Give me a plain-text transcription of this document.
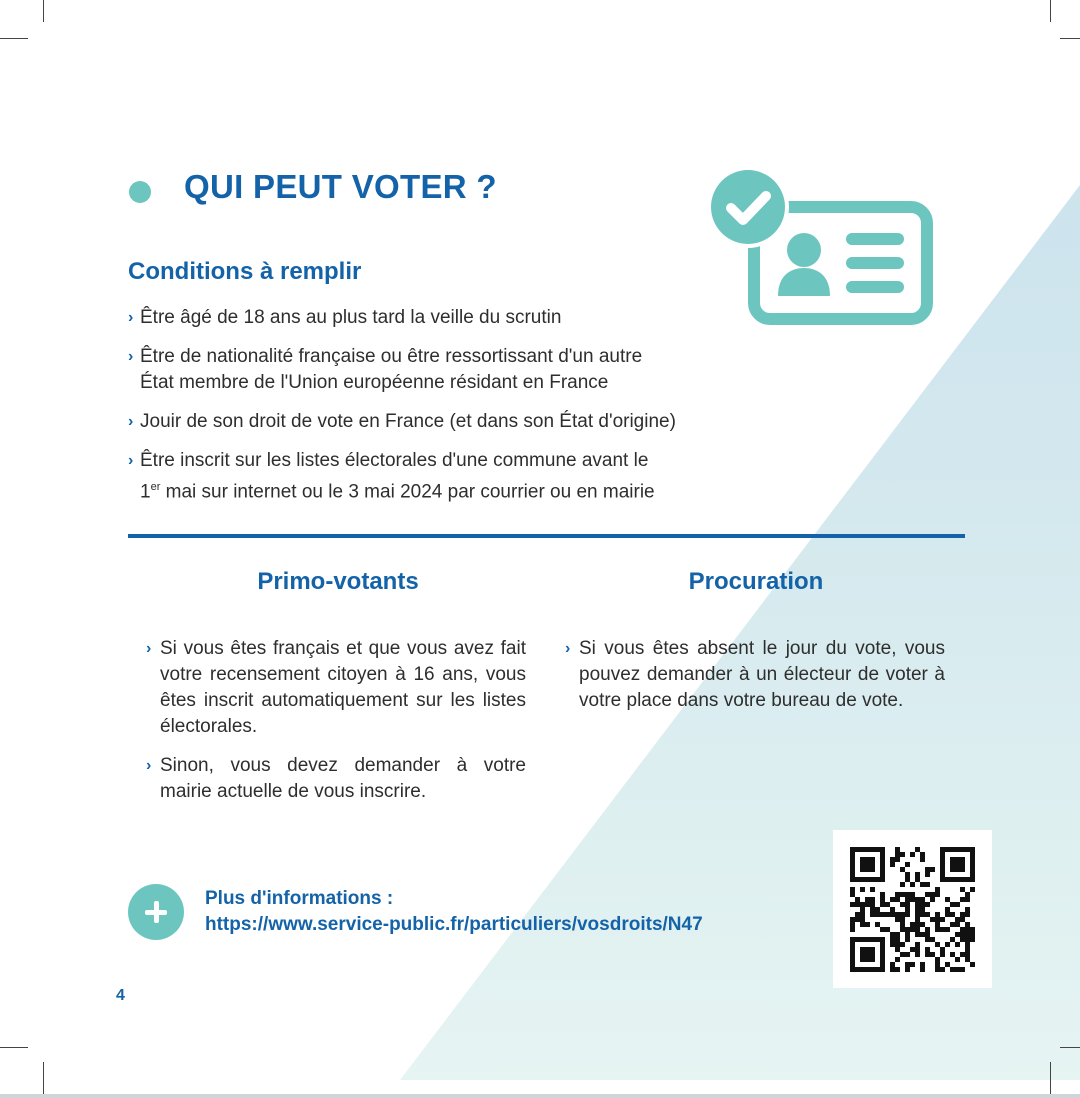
QUI PEUT VOTER ?
Conditions à remplir
› Être âgé de 18 ans au plus tard la veille du scrutin
› Être de nationalité française ou être ressortissant d'un autre
État membre de l'Union européenne résidant en France
› Jouir de son droit de vote en France (et dans son État d'origine)
› Être inscrit sur les listes électorales d'une commune avant le
1er mai sur internet ou le 3 mai 2024 par courrier ou en mairie
Primo-votants
› Si vous êtes français et que vous avez fait votre recensement citoyen à 16 ans, vous êtes inscrit automatiquement sur les listes électorales.
› Sinon, vous devez demander à votre mairie actuelle de vous inscrire.
Procuration
› Si vous êtes absent le jour du vote, vous pouvez demander à un électeur de voter à votre place dans votre bureau de vote.

Plus d'informations :

https://www.service-public.fr/particuliers/vosdroits/N47

4
